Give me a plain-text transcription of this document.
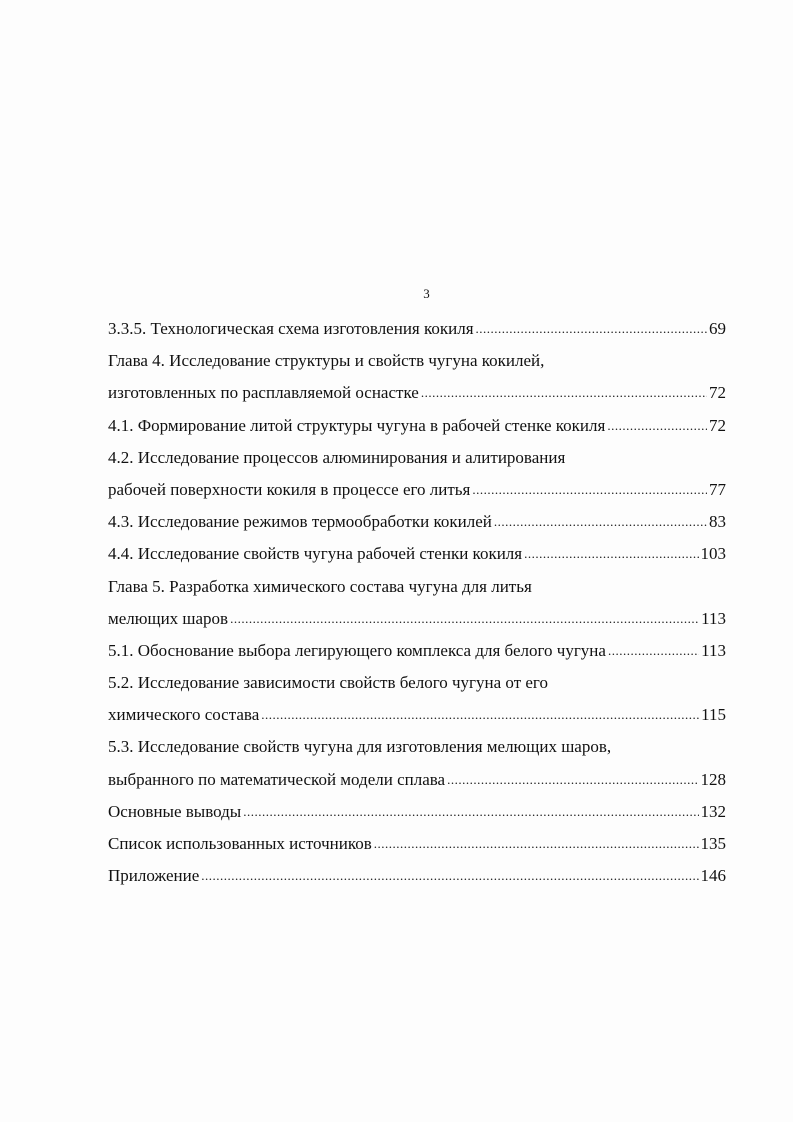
3
3.3.5. Технологическая схема изготовления кокиля .....	69
Глава 4. Исследование структуры и свойств чугуна кокилей,
изготовленных по расплавляемой оснастке .....	72
4.1. Формирование литой структуры чугуна в рабочей стенке кокиля .....	72
4.2. Исследование процессов алюминирования и алитирования
рабочей поверхности кокиля в процессе его литья .....	77
4.3. Исследование режимов термообработки кокилей .....	83
4.4. Исследование свойств чугуна рабочей стенки кокиля .....	103
Глава 5. Разработка химического состава чугуна для литья
мелющих шаров .....	113
5.1. Обоснование выбора легирующего комплекса для белого чугуна .....	113
5.2. Исследование зависимости свойств белого чугуна от его
химического состава .....	115
5.3. Исследование свойств чугуна для изготовления мелющих шаров,
выбранного по математической модели сплава .....	128
Основные выводы .....	132
Список использованных источников .....	135
Приложение .....	146
